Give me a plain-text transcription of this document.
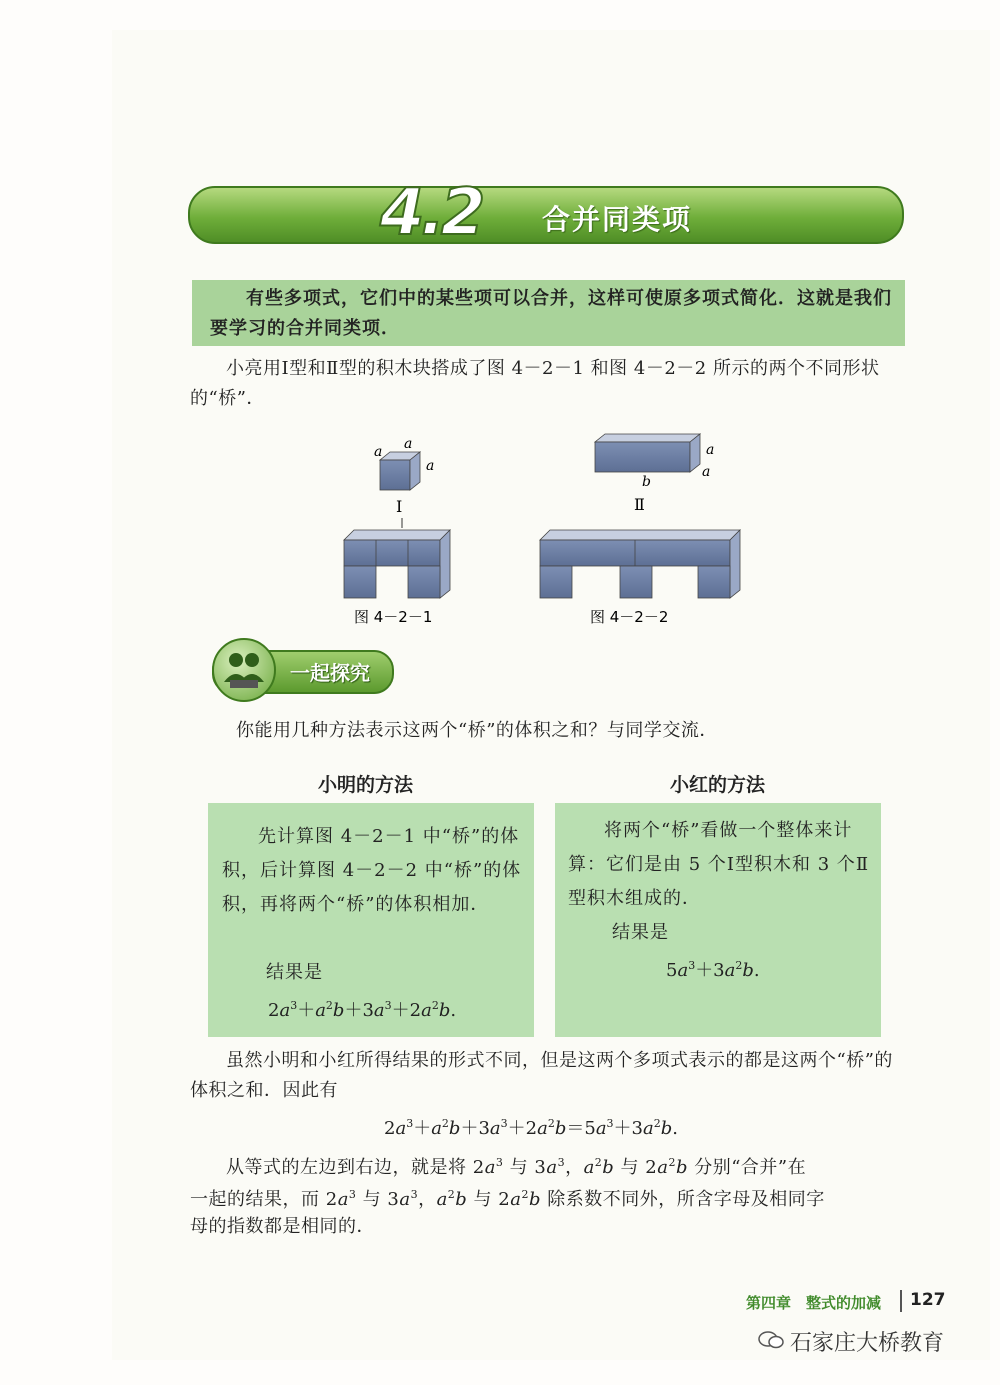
4.2 合并同类项
有些多项式，它们中的某些项可以合并，这样可使原多项式简化．这就是我们要学习的合并同类项．
小亮用Ⅰ型和Ⅱ型的积木块搭成了图 4－2－1 和图 4－2－2 所示的两个不同形状的“桥”．
a a
a
Ⅰ
a
a
b
Ⅱ
图 4－2－1	图 4－2－2
一起探究
你能用几种方法表示这两个“桥”的体积之和？与同学交流．
小明的方法	小红的方法
先计算图 4－2－1 中“桥”的体积，后计算图 4－2－2 中“桥”的体积，再将两个“桥”的体积相加．
结果是
$2a^3+a^2b+3a^3+2a^2b$.
将两个“桥”看做一个整体来计算：它们是由 5 个Ⅰ型积木和 3 个Ⅱ型积木组成的．
结果是
$5a^3+3a^2b$.
虽然小明和小红所得结果的形式不同，但是这两个多项式表示的都是这两个“桥”的体积之和．因此有
$2a^3+a^2b+3a^3+2a^2b=5a^3+3a^2b$.
从等式的左边到右边，就是将 $2a^3$ 与 $3a^3$，$a^2b$ 与 $2a^2b$ 分别“合并”在
一起的结果，而 $2a^3$ 与 $3a^3$，$a^2b$ 与 $2a^2b$ 除系数不同外，所含字母及相同字
母的指数都是相同的．
第四章　整式的加减 127
石家庄大桥教育
